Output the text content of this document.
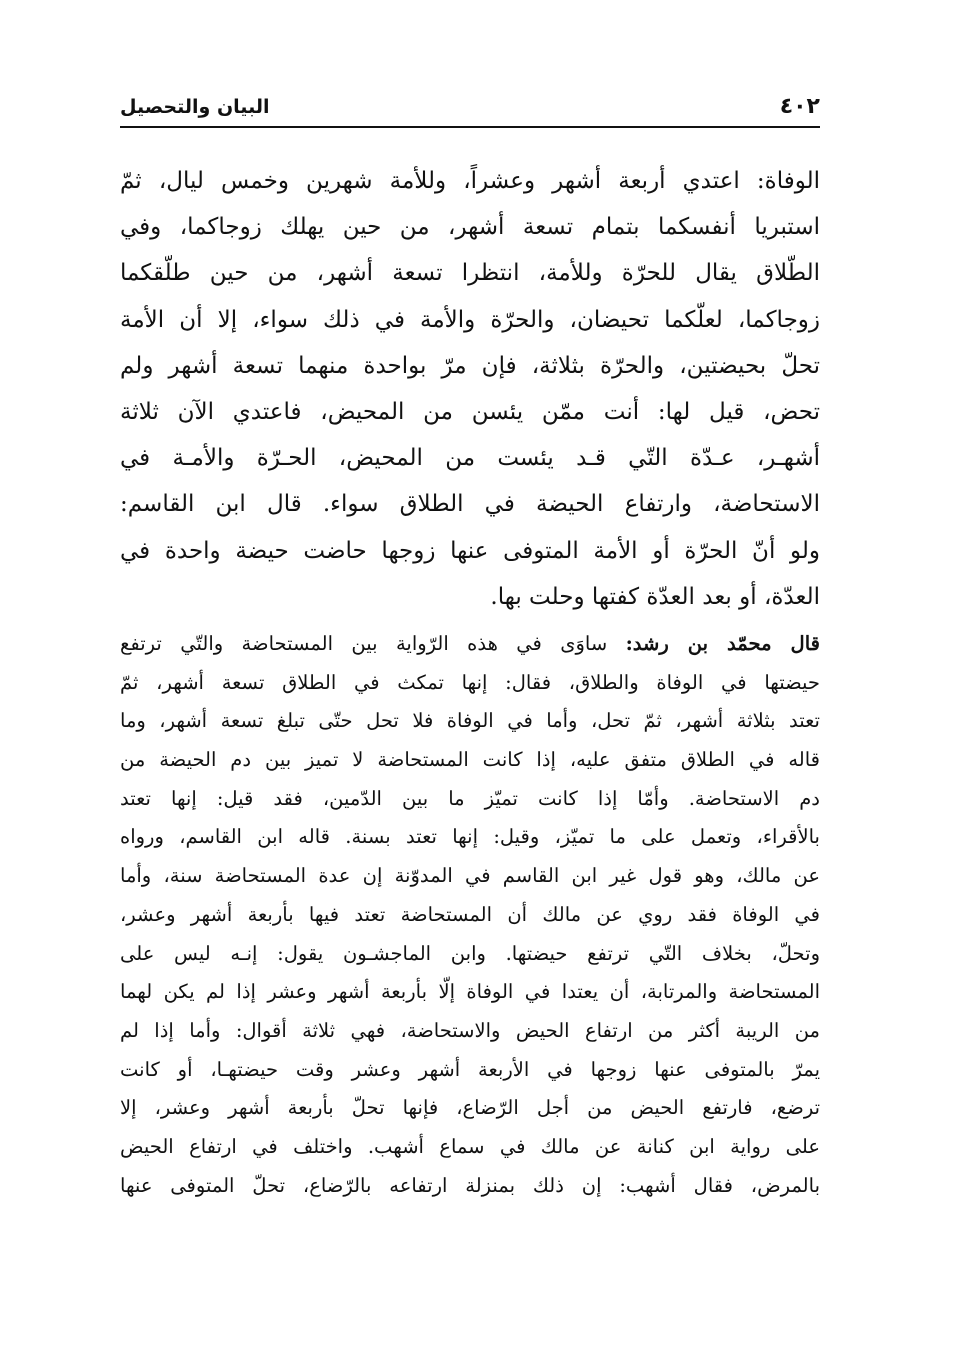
٤٠٢
البيان والتحصيل
الوفاة: اعتدي أربعة أشهر وعشراً، وللأمة شهرين وخمس ليال، ثمّ
استبريا أنفسكما بتمام تسعة أشهر، من حين يهلك زوجاكما، وفي
الطّلاق يقال للحرّة وللأمة، انتظرا تسعة أشهر، من حين طلّقكما
زوجاكما، لعلّكما تحيضان، والحرّة والأمة في ذلك سواء، إلا أن الأمة
تحلّ بحيضتين، والحرّة بثلاثة، فإن مرّ بواحدة منهما تسعة أشهر ولم
تحض، قيل لها: أنت ممّن يئسن من المحيض، فاعتدي الآن ثلاثة
أشهـر، عـدّة التّي قـد يئست من المحيض، الحـرّة والأمـة في
الاستحاضة، وارتفاع الحيضة في الطلاق سواء. قال ابن القاسم:
ولو أنّ الحرّة أو الأمة المتوفى عنها زوجها حاضت حيضة واحدة في
العدّة، أو بعد العدّة كفتها وحلت بها.
قال محمّد بن رشد: ساوَى في هذه الرّواية بين المستحاضة والتّي ترتفع
حيضتها في الوفاة والطلاق، فقال: إنها تمكث في الطلاق تسعة أشهر، ثمّ
تعتد بثلاثة أشهر، ثمّ تحل، وأما في الوفاة فلا تحل حتّى تبلغ تسعة أشهر، وما
قاله في الطلاق متفق عليه، إذا كانت المستحاضة لا تميز بين دم الحيضة من
دم الاستحاضة. وأمّا إذا كانت تميّز ما بين الدّمين، فقد قيل: إنها تعتد
بالأقراء، وتعمل على ما تميّز، وقيل: إنها تعتد بسنة. قاله ابن القاسم، ورواه
عن مالك، وهو قول غير ابن القاسم في المدوّنة إن عدة المستحاضة سنة، وأما
في الوفاة فقد روي عن مالك أن المستحاضة تعتد فيها بأربعة أشهر وعشر،
وتحلّ، بخلاف التّي ترتفع حيضتها. وابن الماجشـون يقول: إنـه ليس على
المستحاضة والمرتابة، أن يعتدا في الوفاة إلّا بأربعة أشهر وعشر إذا لم يكن لهما
من الريبة أكثر من ارتفاع الحيض والاستحاضة، فهي ثلاثة أقوال: وأما إذا لم
يمرّ بالمتوفى عنها زوجها في الأربعة أشهر وعشر وقت حيضتهـا، أو كانت
ترضع، فارتفع الحيض من أجل الرّضاع، فإنها تحلّ بأربعة أشهر وعشر، إلا
على رواية ابن كنانة عن مالك في سماع أشهب. واختلف في ارتفاع الحيض
بالمرض، فقال أشهب: إن ذلك بمنزلة ارتفاعه بالرّضاع، تحلّ المتوفى عنها
